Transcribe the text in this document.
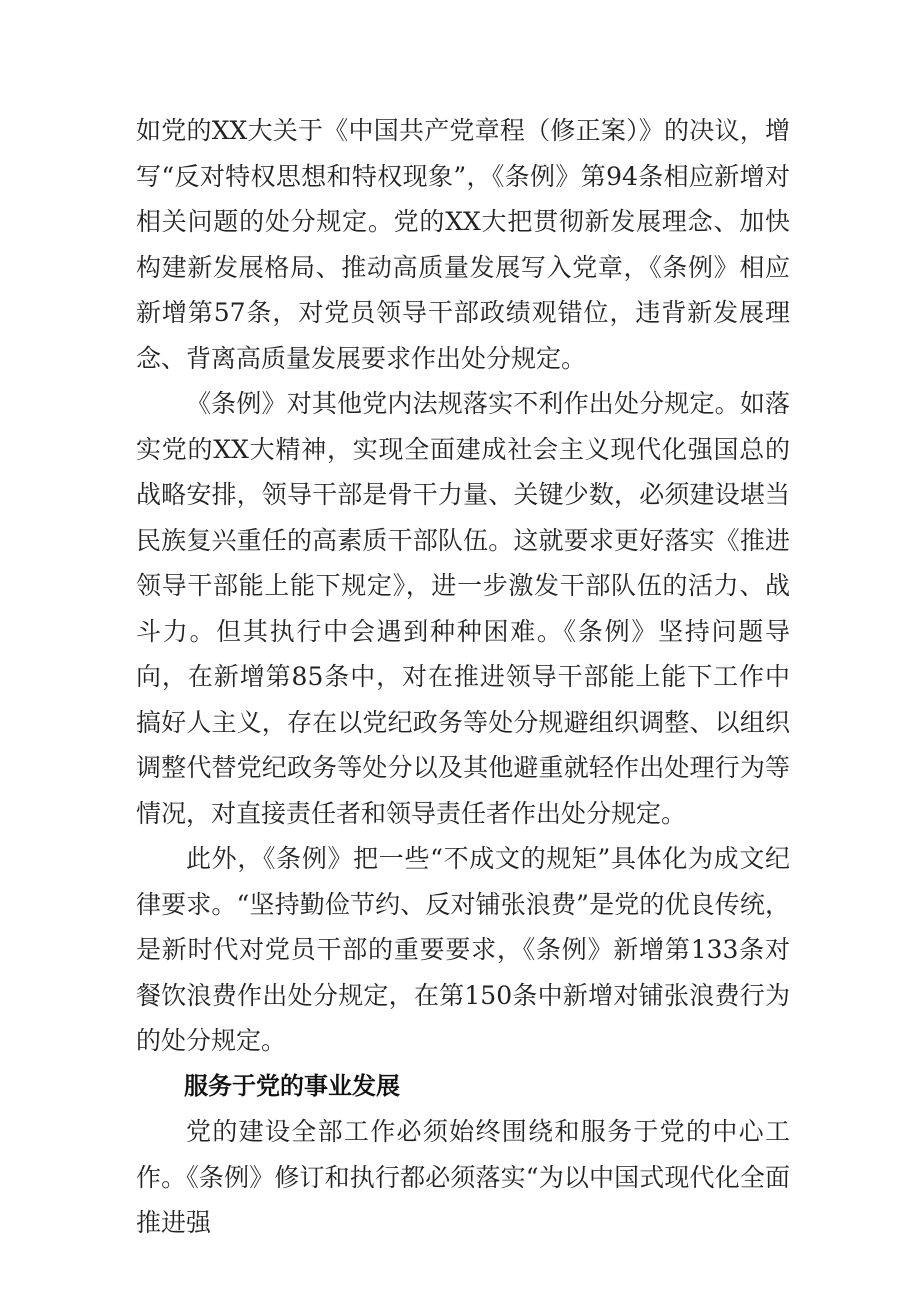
如党的XX大关于《中国共产党章程（修正案）》的决议，增写“反对特权思想和特权现象”，《条例》第94条相应新增对相关问题的处分规定。党的XX大把贯彻新发展理念、加快构建新发展格局、推动高质量发展写入党章，《条例》相应新增第57条，对党员领导干部政绩观错位，违背新发展理念、背离高质量发展要求作出处分规定。

《条例》对其他党内法规落实不利作出处分规定。如落实党的XX大精神，实现全面建成社会主义现代化强国总的战略安排，领导干部是骨干力量、关键少数，必须建设堪当民族复兴重任的高素质干部队伍。这就要求更好落实《推进领导干部能上能下规定》，进一步激发干部队伍的活力、战斗力。但其执行中会遇到种种困难。《条例》坚持问题导向，在新增第85条中，对在推进领导干部能上能下工作中搞好人主义，存在以党纪政务等处分规避组织调整、以组织调整代替党纪政务等处分以及其他避重就轻作出处理行为等情况，对直接责任者和领导责任者作出处分规定。

此外，《条例》把一些“不成文的规矩”具体化为成文纪律要求。“坚持勤俭节约、反对铺张浪费”是党的优良传统，是新时代对党员干部的重要要求，《条例》新增第133条对餐饮浪费作出处分规定，在第150条中新增对铺张浪费行为的处分规定。

服务于党的事业发展

党的建设全部工作必须始终围绕和服务于党的中心工作。《条例》修订和执行都必须落实“为以中国式现代化全面推进强
